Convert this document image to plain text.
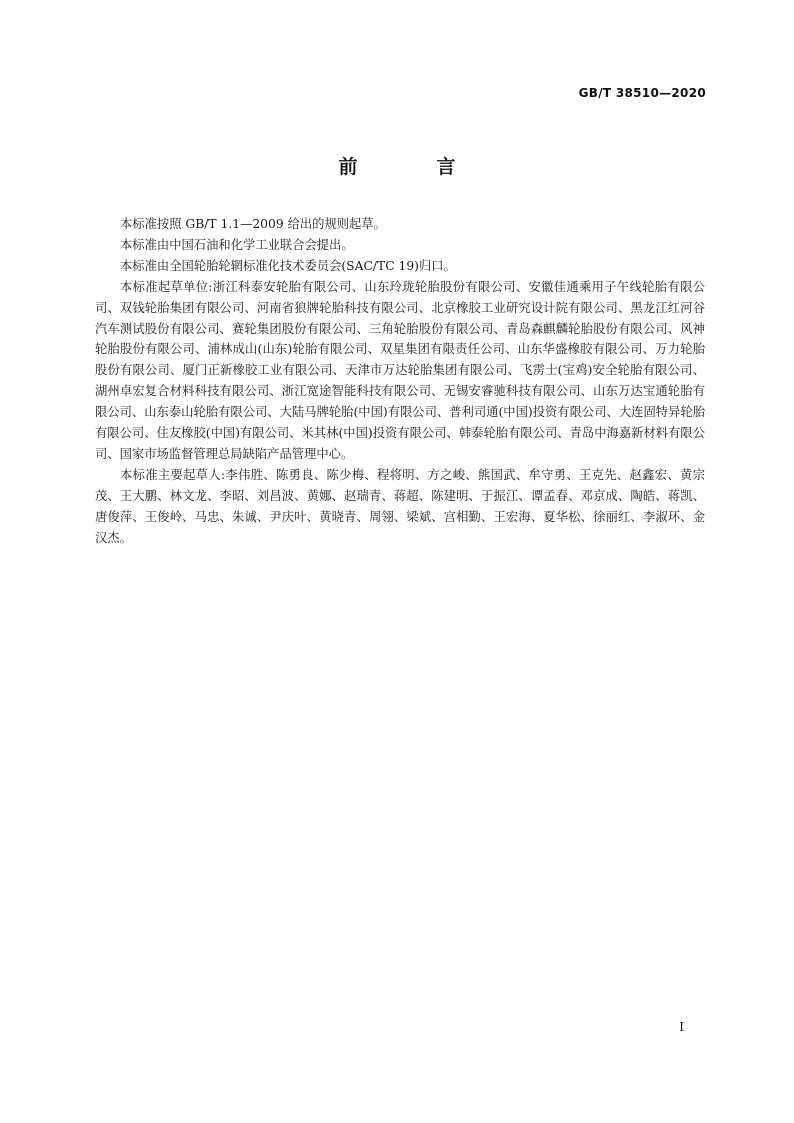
GB/T 38510—2020
前　言

本标准按照 GB/T 1.1—2009 给出的规则起草。

本标准由中国石油和化学工业联合会提出。

本标准由全国轮胎轮辋标准化技术委员会(SAC/TC 19)归口。

本标准起草单位:浙江科泰安轮胎有限公司、山东玲珑轮胎股份有限公司、安徽佳通乘用子午线轮胎有限公司、双钱轮胎集团有限公司、河南省狼牌轮胎科技有限公司、北京橡胶工业研究设计院有限公司、黑龙江红河谷汽车测试股份有限公司、赛轮集团股份有限公司、三角轮胎股份有限公司、青岛森麒麟轮胎股份有限公司、风神轮胎股份有限公司、浦林成山(山东)轮胎有限公司、双星集团有限责任公司、山东华盛橡胶有限公司、万力轮胎股份有限公司、厦门正新橡胶工业有限公司、天津市万达轮胎集团有限公司、飞雳士(宝鸡)安全轮胎有限公司、湖州卓宏复合材料科技有限公司、浙江宽途智能科技有限公司、无锡安睿驰科技有限公司、山东万达宝通轮胎有限公司、山东泰山轮胎有限公司、大陆马牌轮胎(中国)有限公司、普利司通(中国)投资有限公司、大连固特异轮胎有限公司、住友橡胶(中国)有限公司、米其林(中国)投资有限公司、韩泰轮胎有限公司、青岛中海嘉新材料有限公司、国家市场监督管理总局缺陷产品管理中心。

本标准主要起草人:李伟胜、陈勇良、陈少梅、程将明、方之峻、熊国武、牟守勇、王克先、赵鑫宏、黄宗茂、王大鹏、林文龙、李昭、刘昌波、黄娜、赵瑞青、蒋超、陈建明、于振江、谭孟春、邓京成、陶皓、蒋凯、唐俊萍、王俊岭、马忠、朱诚、尹庆叶、黄晓青、周翎、梁斌、宫相勤、王宏海、夏华松、徐丽红、李淑环、金汉杰。

I
